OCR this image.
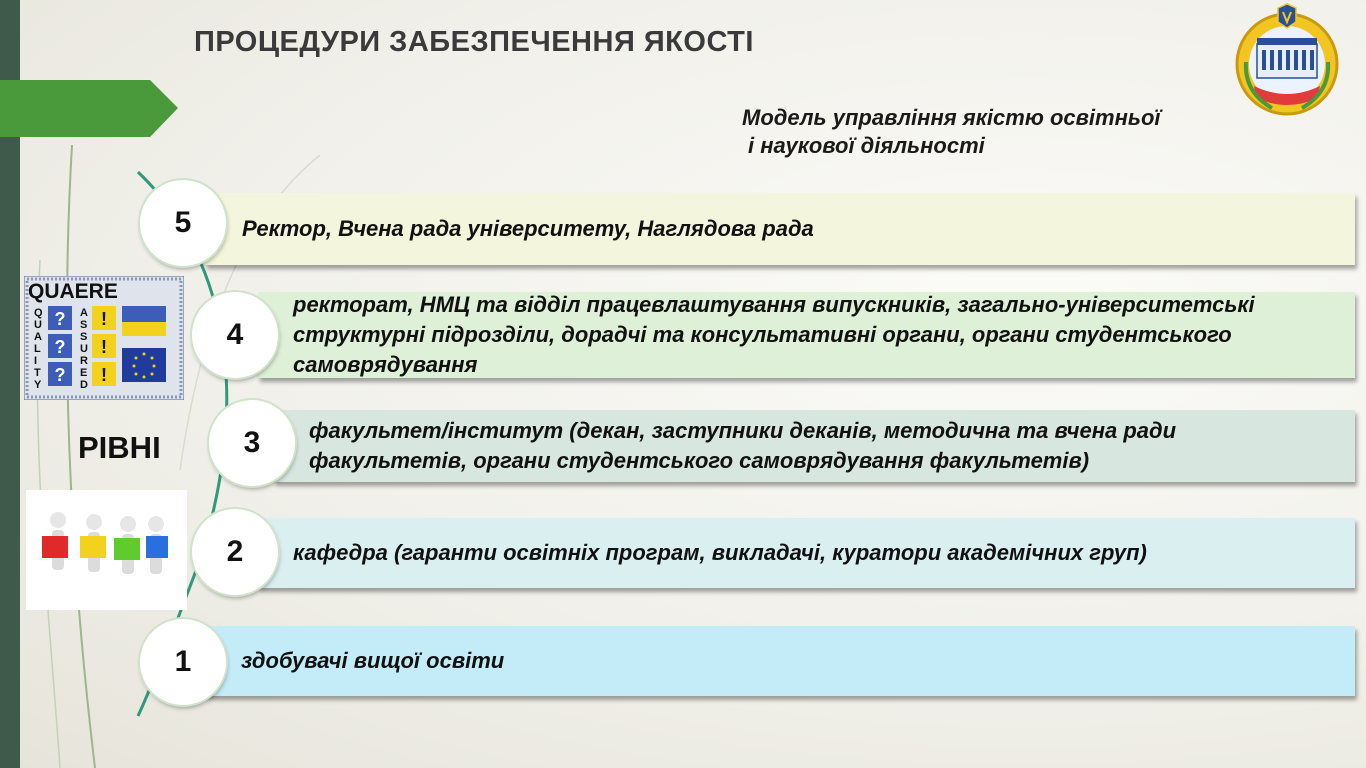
ПРОЦЕДУРИ ЗАБЕЗПЕЧЕННЯ ЯКОСТІ
Модель управління якістю освітньої
і наукової діяльності
QUAERE
Q
U
A
L
I
T
Y
A
S
S
U
R
E
D
?
?
?
!
!
!
РІВНІ
Ректор, Вчена рада університету, Наглядова рада
5
ректорат, НМЦ та відділ працевлаштування випускників, загально-університетські структурні підрозділи, дорадчі та консультативні органи, органи студентського самоврядування
4
факультет/інститут (декан, заступники деканів, методична та вчена ради факультетів, органи студентського самоврядування факультетів)
3
кафедра (гаранти освітніх програм, викладачі, куратори академічних груп)
2
здобувачі вищої освіти
1
